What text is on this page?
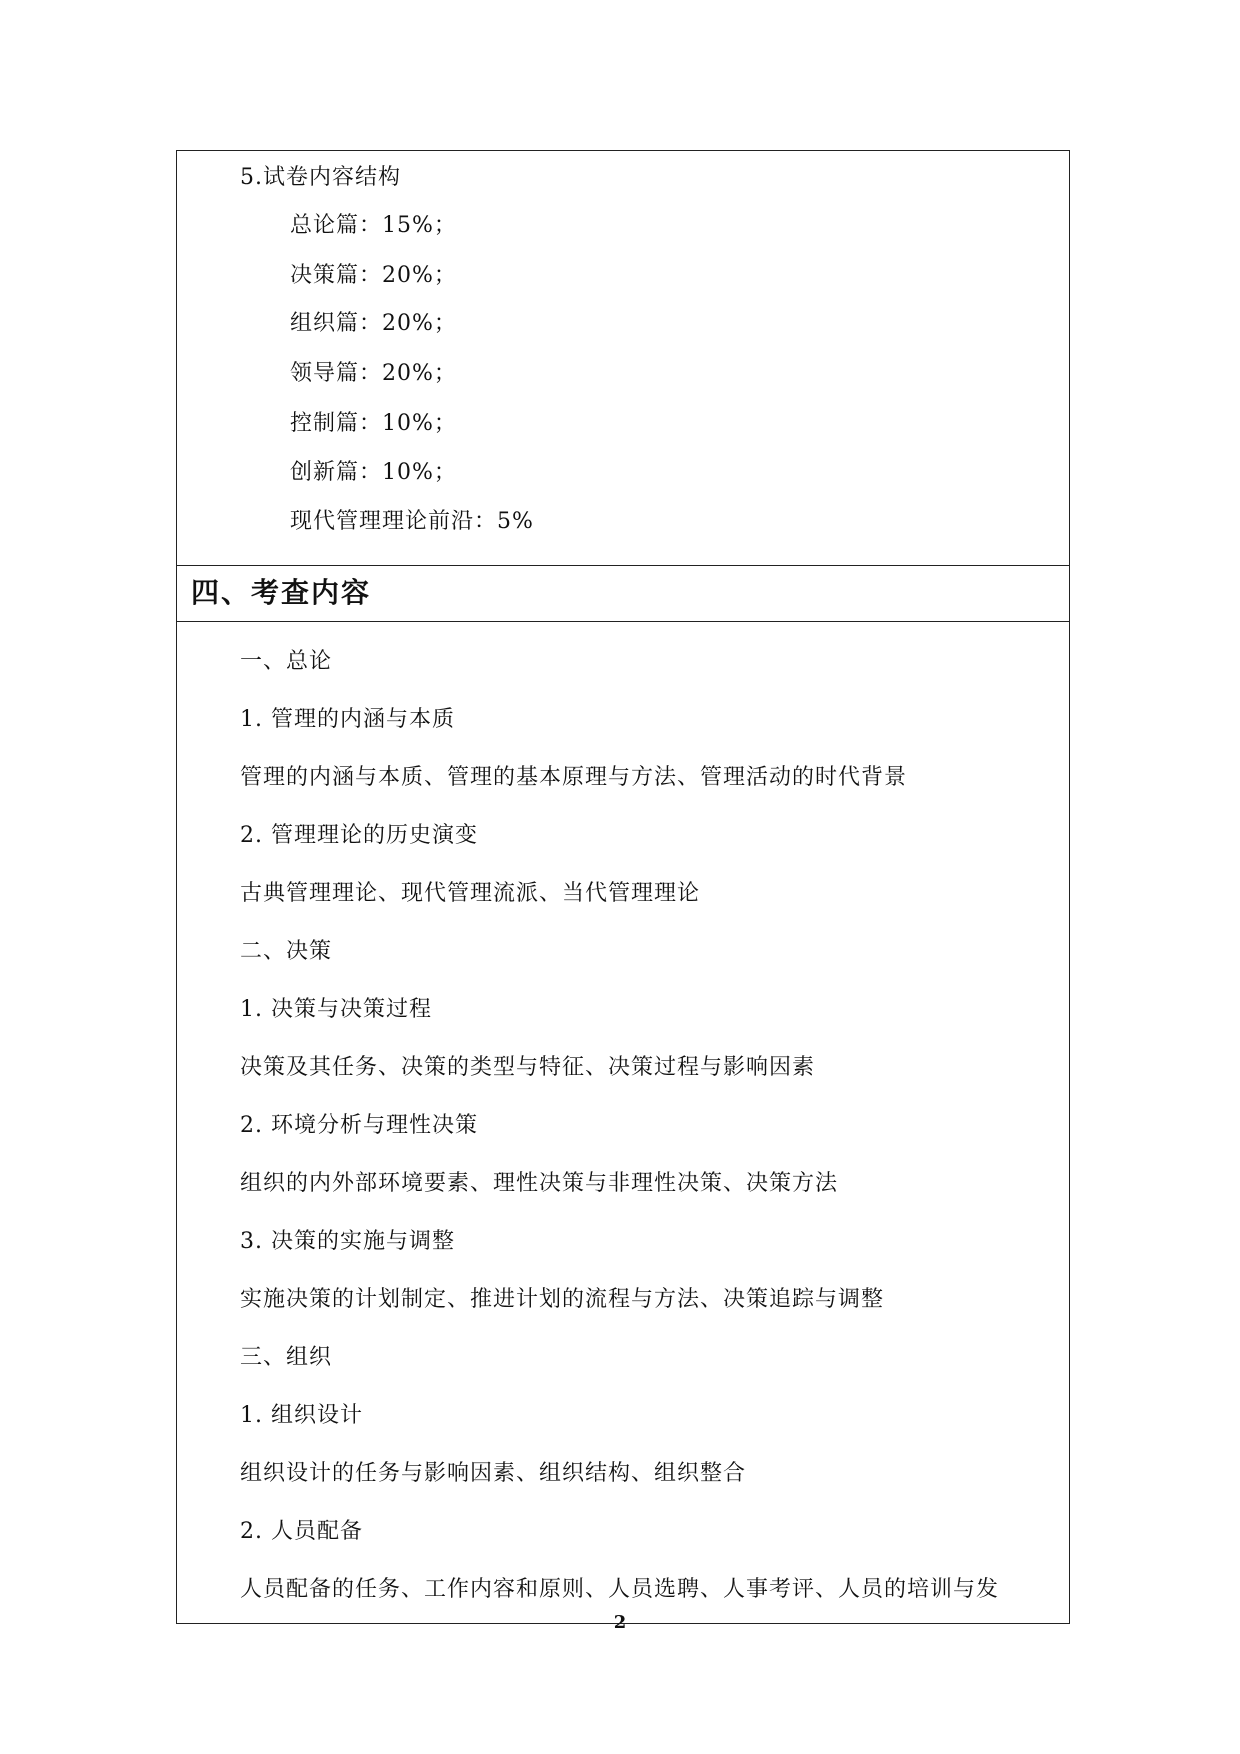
5.试卷内容结构
总论篇：15%；
决策篇：20%；
组织篇：20%；
领导篇：20%；
控制篇：10%；
创新篇：10%；
现代管理理论前沿：5%
四、考查内容
一、总论
1. 管理的内涵与本质
管理的内涵与本质、管理的基本原理与方法、管理活动的时代背景
2. 管理理论的历史演变
古典管理理论、现代管理流派、当代管理理论
二、决策
1. 决策与决策过程
决策及其任务、决策的类型与特征、决策过程与影响因素
2. 环境分析与理性决策
组织的内外部环境要素、理性决策与非理性决策、决策方法
3. 决策的实施与调整
实施决策的计划制定、推进计划的流程与方法、决策追踪与调整
三、组织
1. 组织设计
组织设计的任务与影响因素、组织结构、组织整合
2. 人员配备
人员配备的任务、工作内容和原则、人员选聘、人事考评、人员的培训与发
2
